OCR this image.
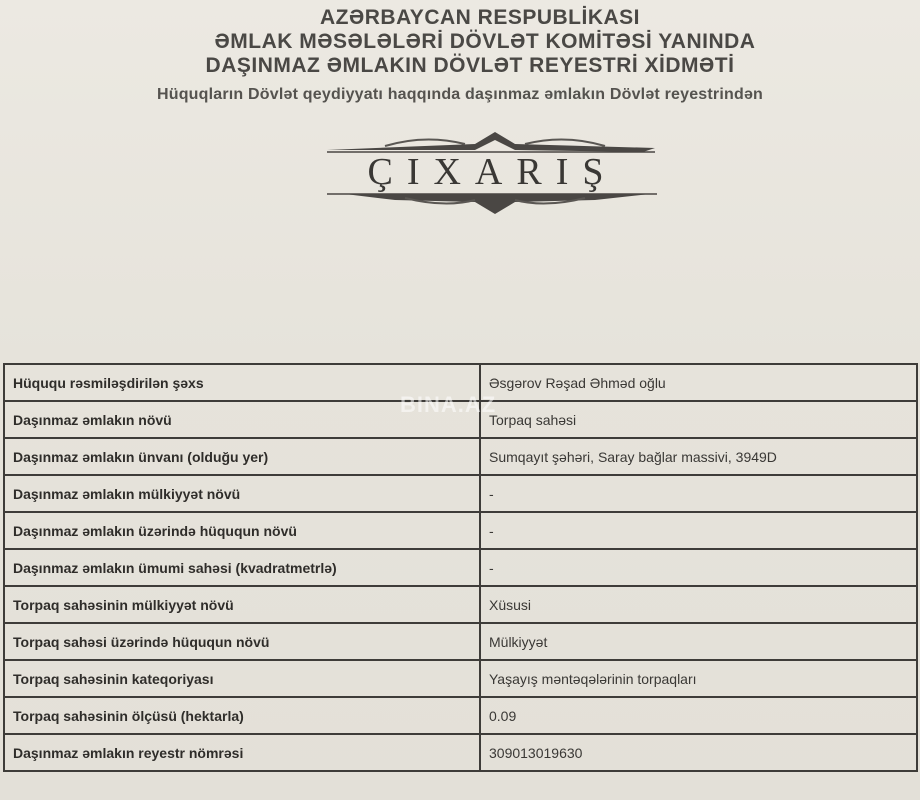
AZƏRBAYCAN RESPUBLİKASI
ƏMLAK MƏSƏLƏLƏRİ DÖVLƏT KOMİTƏSİ YANINDA
DAŞINMAZ ƏMLAKIN DÖVLƏT REYESTRİ XİDMƏTİ
Hüquqların Dövlət qeydiyyatı haqqında daşınmaz əmlakın Dövlət reyestrindən
ÇIXARIŞ
Hüququ rəsmiləşdirilən şəxs	Əsgərov Rəşad Əhməd oğlu
Daşınmaz əmlakın növü	Torpaq sahəsi
Daşınmaz əmlakın ünvanı (olduğu yer)	Sumqayıt şəhəri, Saray bağlar massivi, 3949D
Daşınmaz əmlakın mülkiyyət növü	-
Daşınmaz əmlakın üzərində hüququn növü	-
Daşınmaz əmlakın ümumi sahəsi (kvadratmetrlə)	-
Torpaq sahəsinin mülkiyyət növü	Xüsusi
Torpaq sahəsi üzərində hüququn növü	Mülkiyyət
Torpaq sahəsinin kateqoriyası	Yaşayış məntəqələrinin torpaqları
Torpaq sahəsinin ölçüsü (hektarla)	0.09
Daşınmaz əmlakın reyestr nömrəsi	309013019630
BINA.AZ
